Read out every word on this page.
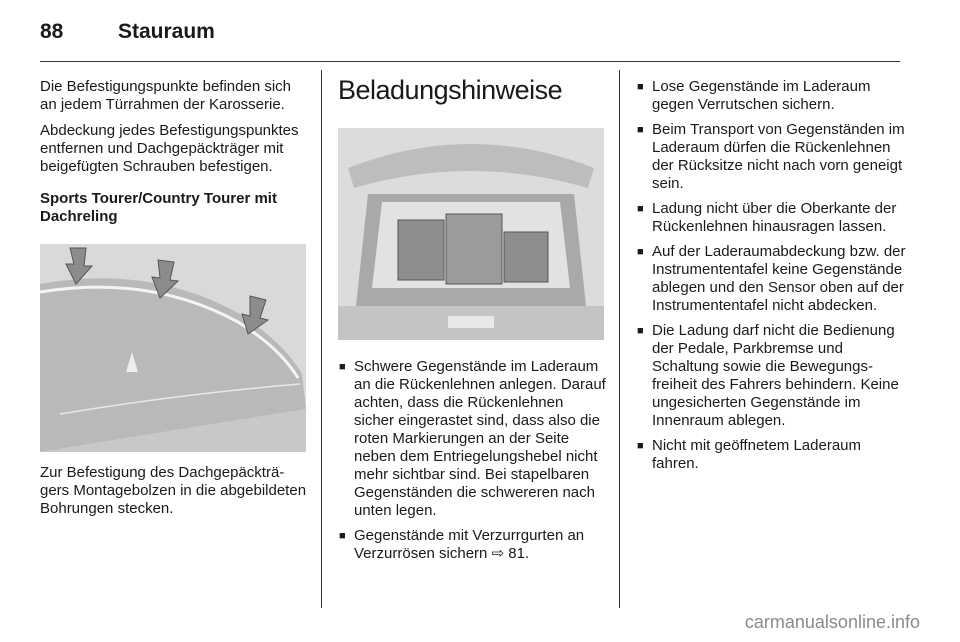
88	Stauraum

Die Befestigungspunkte befinden sich an jedem Türrahmen der Karosserie.

Abdeckung jedes Befestigungspunktes entfernen und Dachgepäckträger mit beigefügten Schrauben befestigen.

Sports Tourer/Country Tourer mit Dachreling

Zur Befestigung des Dachgepäckträgers Montagebolzen in die abgebildeten Bohrungen stecken.

Beladungshinweise
■ Schwere Gegenstände im Laderaum an die Rückenlehnen anlegen. Darauf achten, dass die Rückenlehnen sicher eingerastet sind, dass also die roten Markierungen an der Seite neben dem Entriegelungshebel nicht mehr sichtbar sind. Bei stapelbaren Gegenständen die schwereren nach unten legen.
■ Gegenstände mit Verzurrgurten an Verzurrösen sichern ⇨ 81.
■ Lose Gegenstände im Laderaum gegen Verrutschen sichern.
■ Beim Transport von Gegenständen im Laderaum dürfen die Rückenlehnen der Rücksitze nicht nach vorn geneigt sein.
■ Ladung nicht über die Oberkante der Rückenlehnen hinausragen lassen.
■ Auf der Laderaumabdeckung bzw. der Instrumententafel keine Gegenstände ablegen und den Sensor oben auf der Instrumententafel nicht abdecken.
■ Die Ladung darf nicht die Bedienung der Pedale, Parkbremse und Schaltung sowie die Bewegungsfreiheit des Fahrers behindern. Keine ungesicherten Gegenstände im Innenraum ablegen.
■ Nicht mit geöffnetem Laderaum fahren.
carmanualsonline.info
